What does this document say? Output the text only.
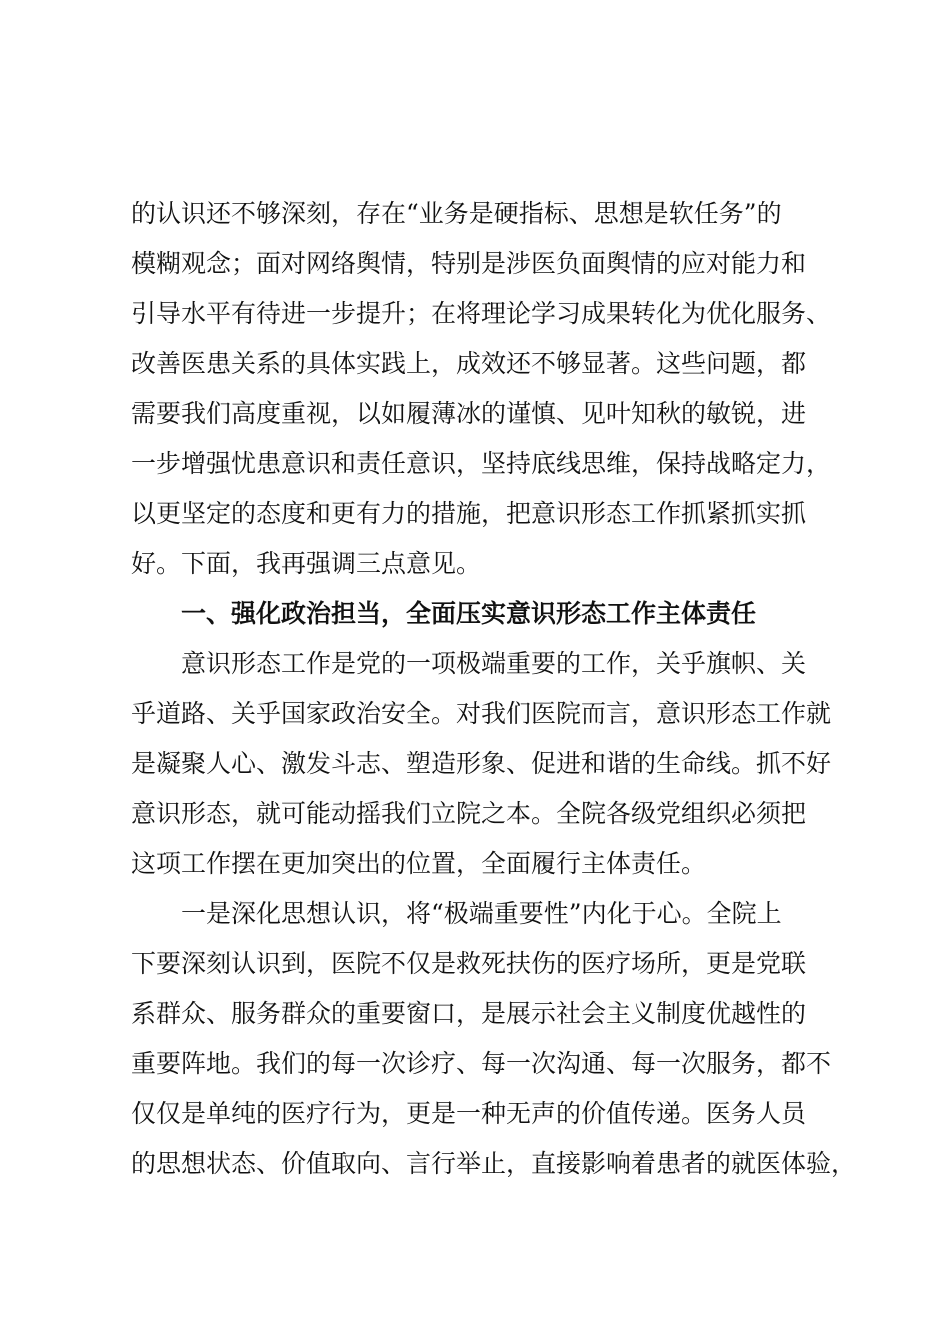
的认识还不够深刻，存在“业务是硬指标、思想是软任务”的
模糊观念；面对网络舆情，特别是涉医负面舆情的应对能力和
引导水平有待进一步提升；在将理论学习成果转化为优化服务、
改善医患关系的具体实践上，成效还不够显著。这些问题，都
需要我们高度重视，以如履薄冰的谨慎、见叶知秋的敏锐，进
一步增强忧患意识和责任意识，坚持底线思维，保持战略定力，
以更坚定的态度和更有力的措施，把意识形态工作抓紧抓实抓
好。下面，我再强调三点意见。
一、强化政治担当，全面压实意识形态工作主体责任
意识形态工作是党的一项极端重要的工作，关乎旗帜、关
乎道路、关乎国家政治安全。对我们医院而言，意识形态工作就
是凝聚人心、激发斗志、塑造形象、促进和谐的生命线。抓不好
意识形态，就可能动摇我们立院之本。全院各级党组织必须把
这项工作摆在更加突出的位置，全面履行主体责任。
一是深化思想认识，将“极端重要性”内化于心。全院上
下要深刻认识到，医院不仅是救死扶伤的医疗场所，更是党联
系群众、服务群众的重要窗口，是展示社会主义制度优越性的
重要阵地。我们的每一次诊疗、每一次沟通、每一次服务，都不
仅仅是单纯的医疗行为，更是一种无声的价值传递。医务人员
的思想状态、价值取向、言行举止，直接影响着患者的就医体验，
